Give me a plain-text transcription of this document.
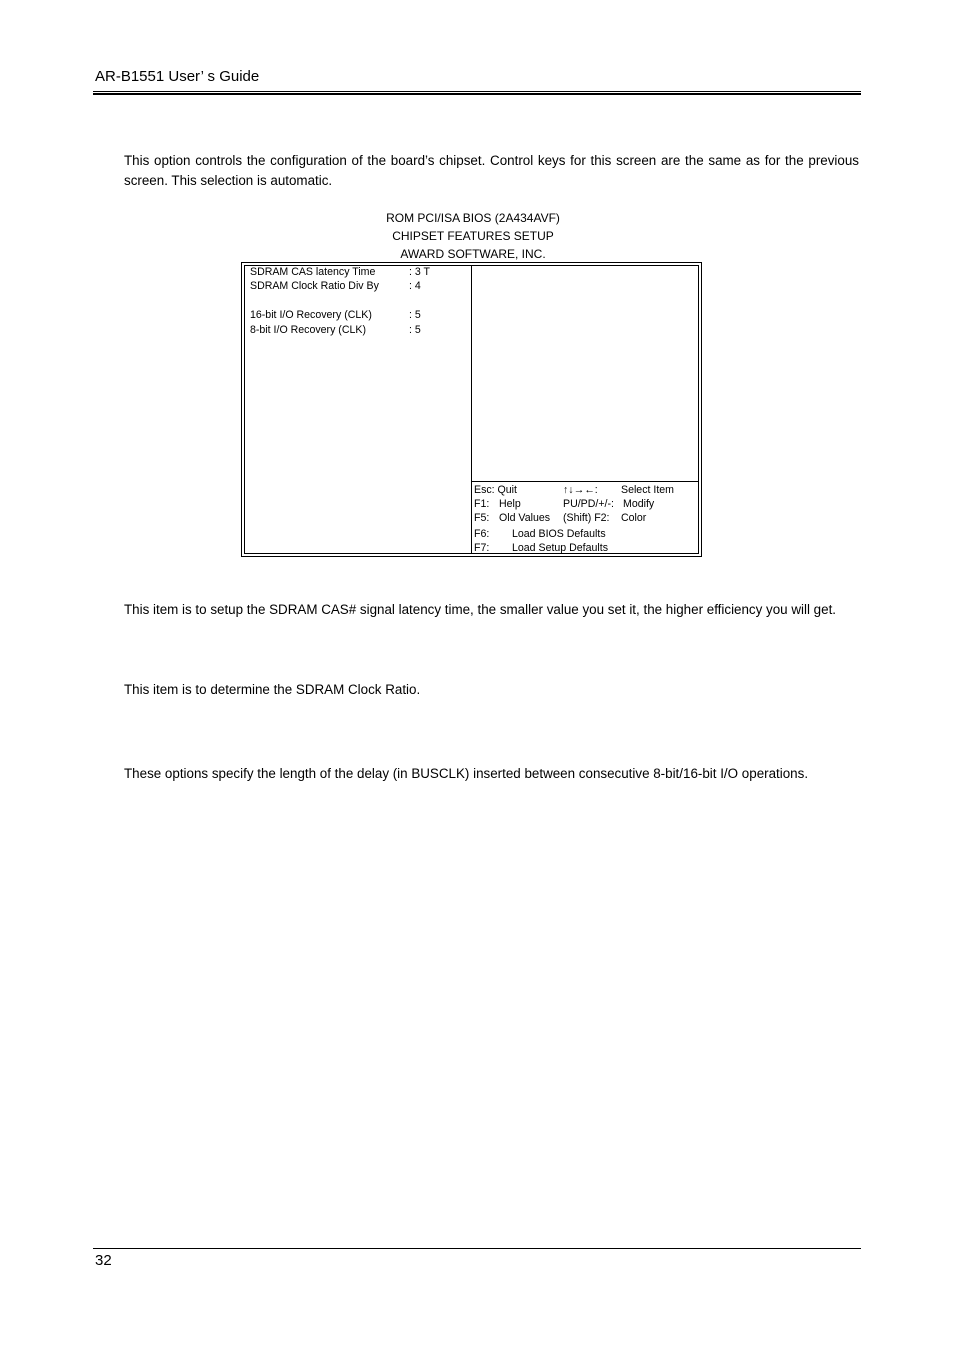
AR-B1551 User’ s Guide
This option controls the configuration of the board’s chipset. Control keys for this screen are the same as for the previous screen. This selection is automatic.
ROM PCI/ISA BIOS (2A434AVF)
CHIPSET FEATURES SETUP
AWARD SOFTWARE, INC.
SDRAM CAS latency Time	: 3 T
SDRAM Clock Ratio Div By	: 4
16-bit I/O Recovery (CLK)	: 5
8-bit I/O Recovery (CLK)	: 5
Esc: Quit	↑↓→←: Select Item
F1: Help	PU/PD/+/-: Modify
F5: Old Values (Shift) F2: Color
F6: Load BIOS Defaults
F7: Load Setup Defaults
This item is to setup the SDRAM CAS# signal latency time, the smaller value you set it, the higher efficiency you will get.
This item is to determine the SDRAM Clock Ratio.
These options specify the length of the delay (in BUSCLK) inserted between consecutive 8-bit/16-bit I/O operations.
32
